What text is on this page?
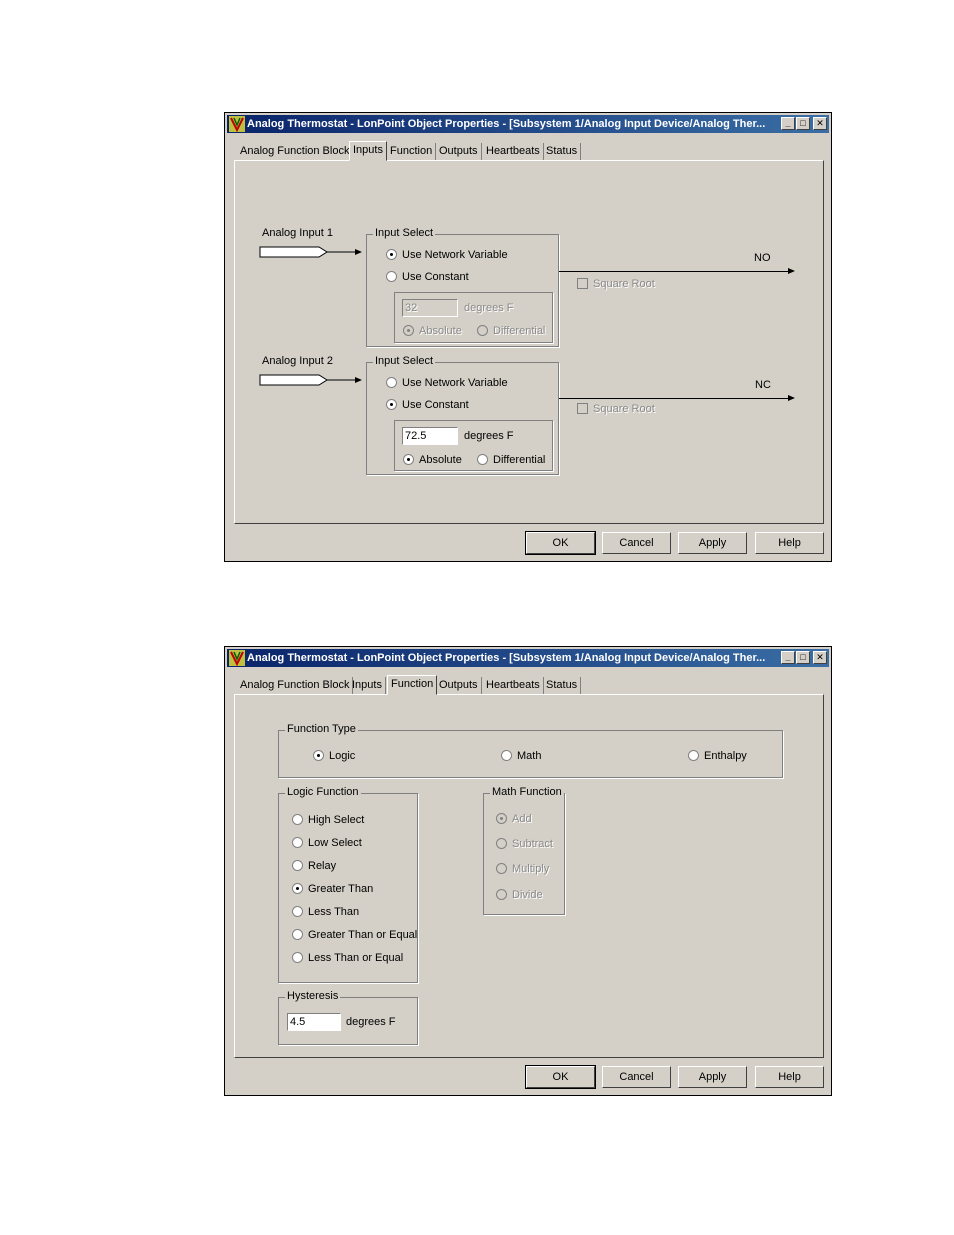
Analog Thermostat - LonPoint Object Properties - [Subsystem 1/Analog Input Device/Analog Ther...	_	□	✕
Analog Function Block Inputs Function Outputs Heartbeats Status
Analog Input 1	Input Select
Use Network Variable
Use Constant
32	degrees F
Absolute	Differential
NO
Square Root
Analog Input 2	Input Select
Use Network Variable
Use Constant
72.5	degrees F
Absolute	Differential
NC
Square Root
OK	Cancel	Apply	Help
Analog Thermostat - LonPoint Object Properties - [Subsystem 1/Analog Input Device/Analog Ther...	_	□	✕
Analog Function Block Inputs Function Outputs Heartbeats Status
Function Type
Logic	Math	Enthalpy
Logic Function
High Select
Low Select
Relay
Greater Than
Less Than
Greater Than or Equal
Less Than or Equal
Math Function
Add
Subtract
Multiply
Divide
Hysteresis
4.5	degrees F
OK	Cancel	Apply	Help
